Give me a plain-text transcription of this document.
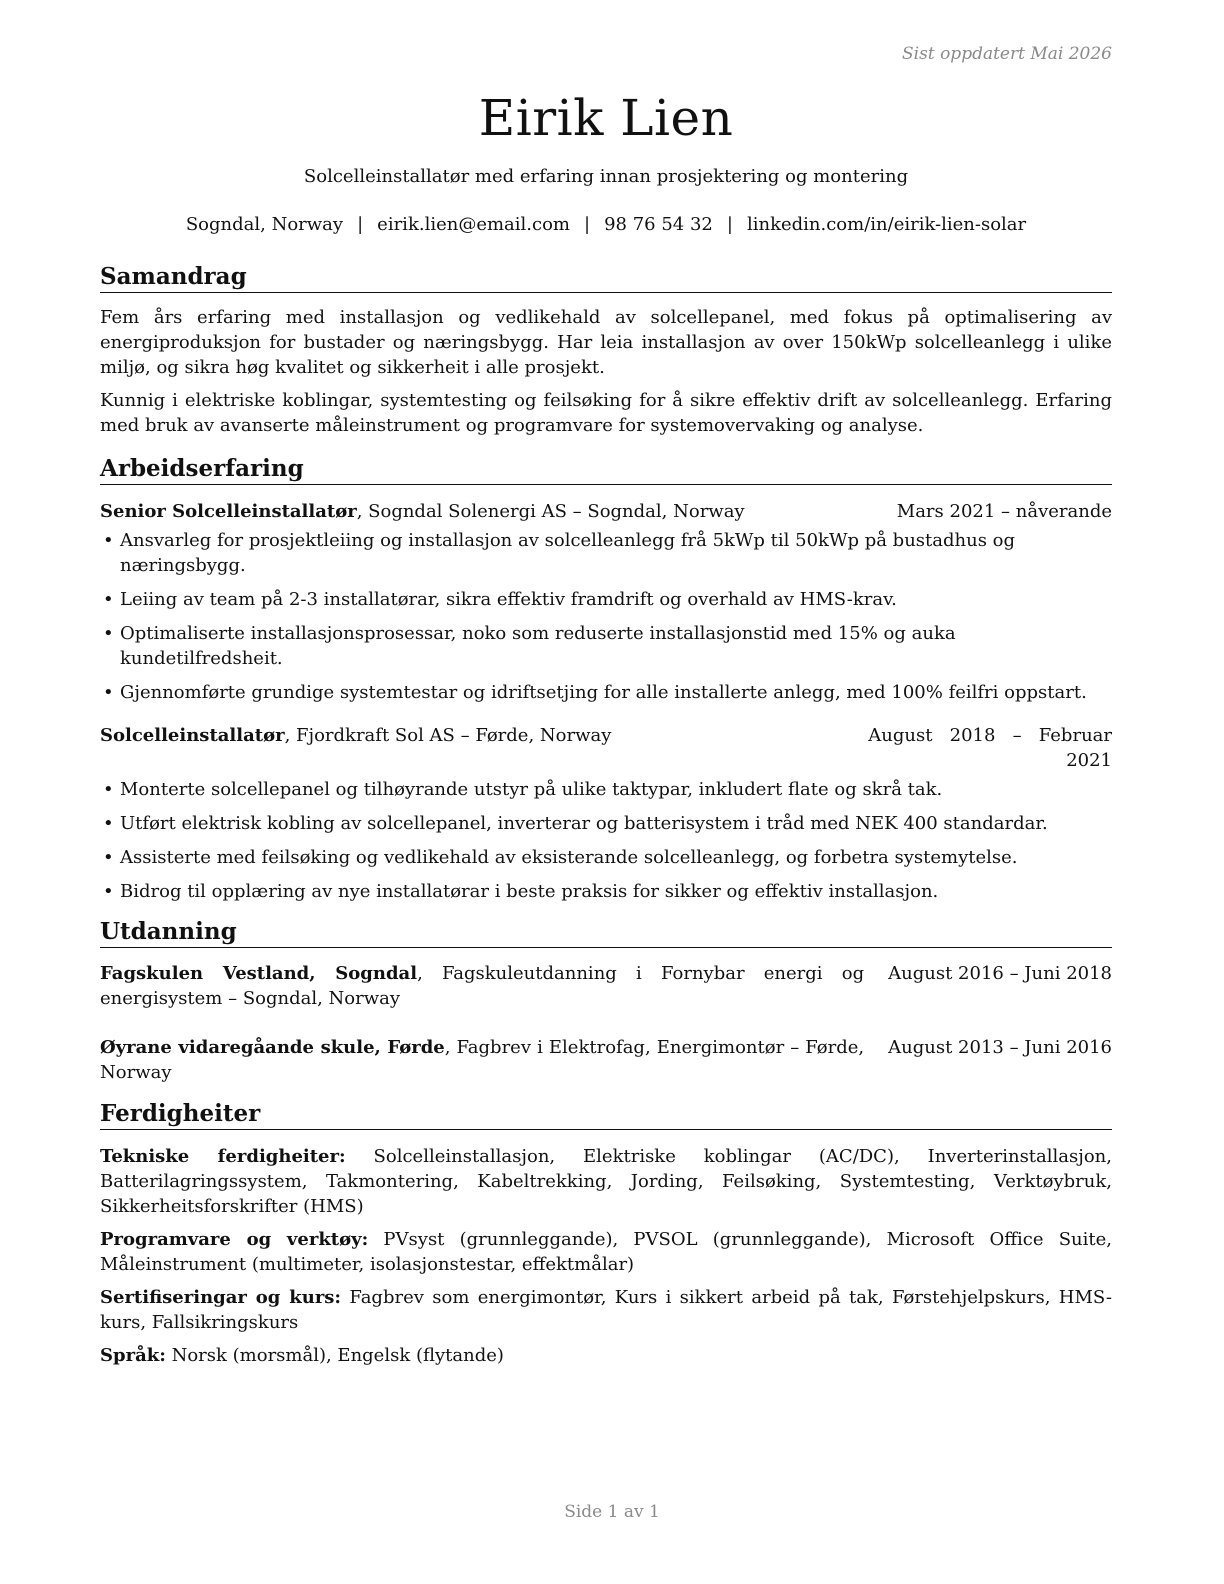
Sist oppdatert Mai 2026
Eirik Lien
Solcelleinstallatør med erfaring innan prosjektering og montering
Sogndal, Norway | eirik.lien@email.com | 98 76 54 32 | linkedin.com/in/eirik-lien-solar
Samandrag

Fem års erfaring med installasjon og vedlikehald av solcellepanel, med fokus på optimalisering av energiproduksjon for bustader og næringsbygg. Har leia installasjon av over 150kWp solcelleanlegg i ulike miljø, og sikra høg kvalitet og sikkerheit i alle prosjekt.

Kunnig i elektriske koblingar, systemtesting og feilsøking for å sikre effektiv drift av solcelleanlegg. Erfaring med bruk av avanserte måleinstrument og programvare for systemovervaking og analyse.

Arbeidserfaring
Senior Solcelleinstallatør, Sogndal Solenergi AS – Sogndal, Norway	Mars 2021 – nåverande
• Ansvarleg for prosjektleiing og installasjon av solcelleanlegg frå 5kWp til 50kWp på bustadhus og næringsbygg.
• Leiing av team på 2-3 installatørar, sikra effektiv framdrift og overhald av HMS-krav.
• Optimaliserte installasjonsprosessar, noko som reduserte installasjonstid med 15% og auka kundetilfredsheit.
• Gjennomførte grundige systemtestar og idriftsetjing for alle installerte anlegg, med 100% feilfri oppstart.
Solcelleinstallatør, Fjordkraft Sol AS – Førde, Norway	August   2018   –   Februar
2021
• Monterte solcellepanel og tilhøyrande utstyr på ulike taktypar, inkludert flate og skrå tak.
• Utført elektrisk kobling av solcellepanel, inverterar og batterisystem i tråd med NEK 400 standardar.
• Assisterte med feilsøking og vedlikehald av eksisterande solcelleanlegg, og forbetra systemytelse.
• Bidrog til opplæring av nye installatørar i beste praksis for sikker og effektiv installasjon.
Utdanning
Fagskulen Vestland, Sogndal, Fagskuleutdanning i Fornybar energi og energisystem – Sogndal, Norway
August 2016 – Juni 2018
Øyrane vidaregåande skule, Førde, Fagbrev i Elektrofag, Energimontør – Førde, Norway
August 2013 – Juni 2016
Ferdigheiter
Tekniske ferdigheiter: Solcelleinstallasjon, Elektriske koblingar (AC/DC), Inverterinstallasjon, Batterilagringssystem, Takmontering, Kabeltrekking, Jording, Feilsøking, Systemtesting, Verktøybruk, Sikkerheitsforskrifter (HMS)
Programvare og verktøy: PVsyst (grunnleggande), PVSOL (grunnleggande), Microsoft Office Suite, Måleinstrument (multimeter, isolasjonstestar, effektmålar)
Sertifiseringar og kurs: Fagbrev som energimontør, Kurs i sikkert arbeid på tak, Førstehjelpskurs, HMS-kurs, Fallsikringskurs
Språk: Norsk (morsmål), Engelsk (flytande)
Side 1 av 1
